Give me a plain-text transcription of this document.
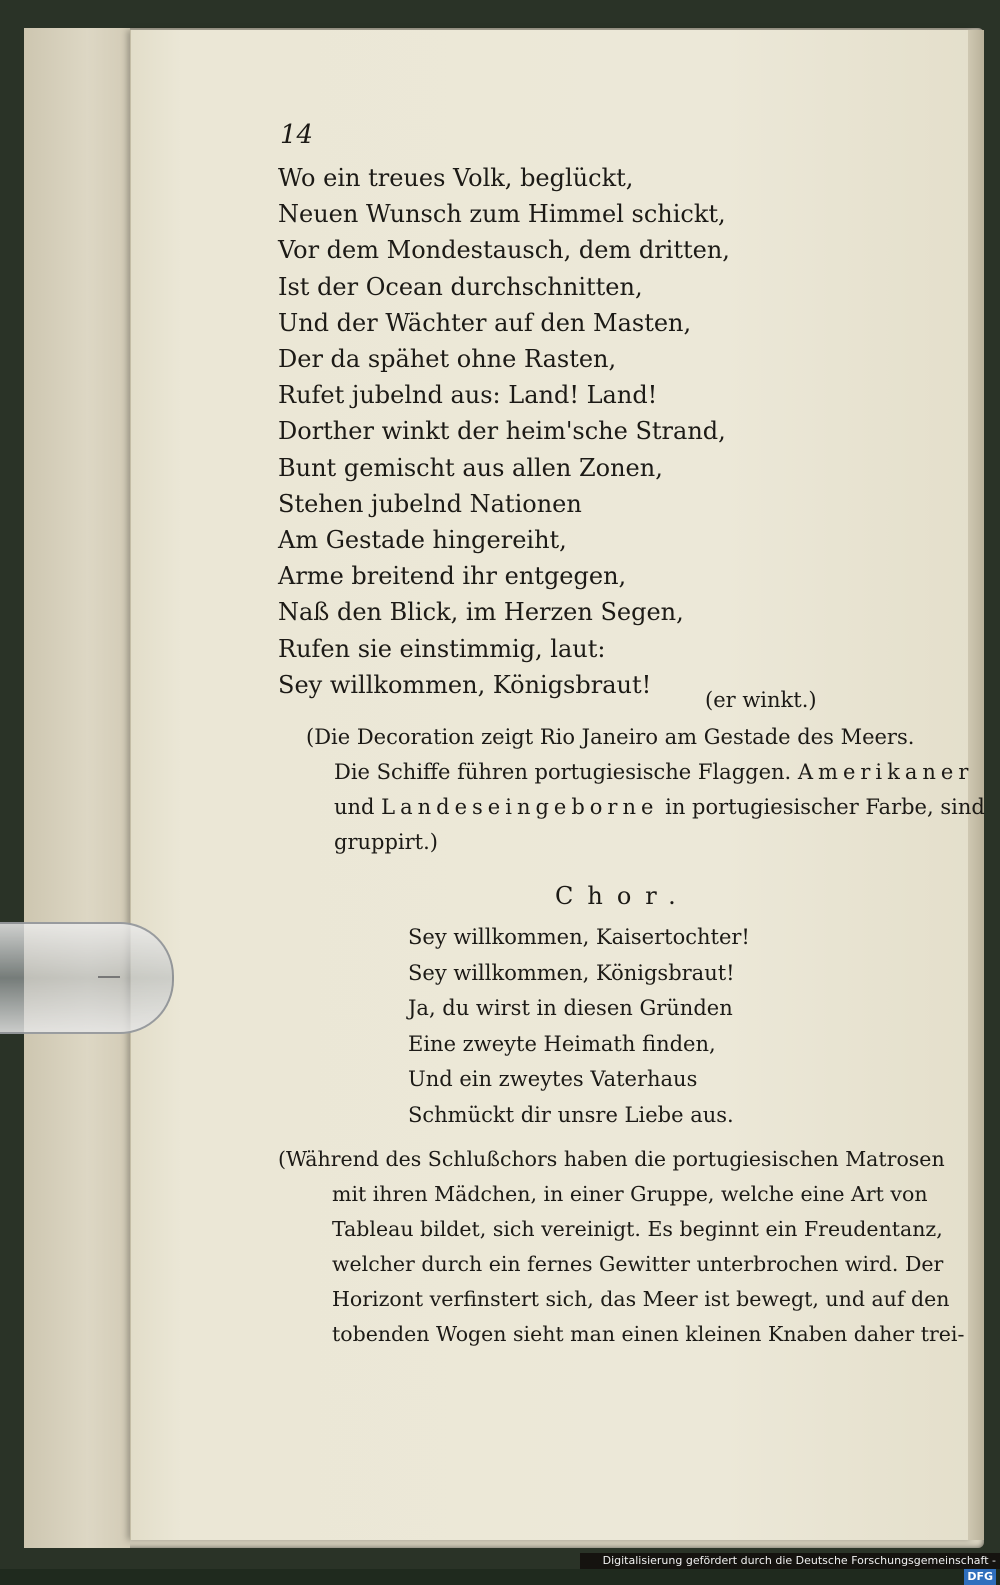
14
Wo ein treues Volk, beglückt,
Neuen Wunsch zum Himmel schickt,
Vor dem Mondestausch, dem dritten,
Ist der Ocean durchschnitten,
Und der Wächter auf den Masten,
Der da spähet ohne Rasten,
Rufet jubelnd aus: Land! Land!
Dorther winkt der heim'sche Strand,
Bunt gemischt aus allen Zonen,
Stehen jubelnd Nationen
Am Gestade hingereiht,
Arme breitend ihr entgegen,
Naß den Blick, im Herzen Segen,
Rufen sie einstimmig, laut:
Sey willkommen, Königsbraut!
(er winkt.)
(Die Decoration zeigt Rio Janeiro am Gestade des Meers.
Die Schiffe führen portugiesische Flaggen. Amerikaner
und Landeseingeborne in portugiesischer Farbe, sind
gruppirt.)
Chor.
Sey willkommen, Kaisertochter!
Sey willkommen, Königsbraut!
Ja, du wirst in diesen Gründen
Eine zweyte Heimath finden,
Und ein zweytes Vaterhaus
Schmückt dir unsre Liebe aus.
(Während des Schlußchors haben die portugiesischen Matrosen
mit ihren Mädchen, in einer Gruppe, welche eine Art von
Tableau bildet, sich vereinigt. Es beginnt ein Freudentanz,
welcher durch ein fernes Gewitter unterbrochen wird. Der
Horizont verfinstert sich, das Meer ist bewegt, und auf den
tobenden Wogen sieht man einen kleinen Knaben daher trei-
Digitalisierung gefördert durch die Deutsche Forschungsgemeinschaft -DFG
